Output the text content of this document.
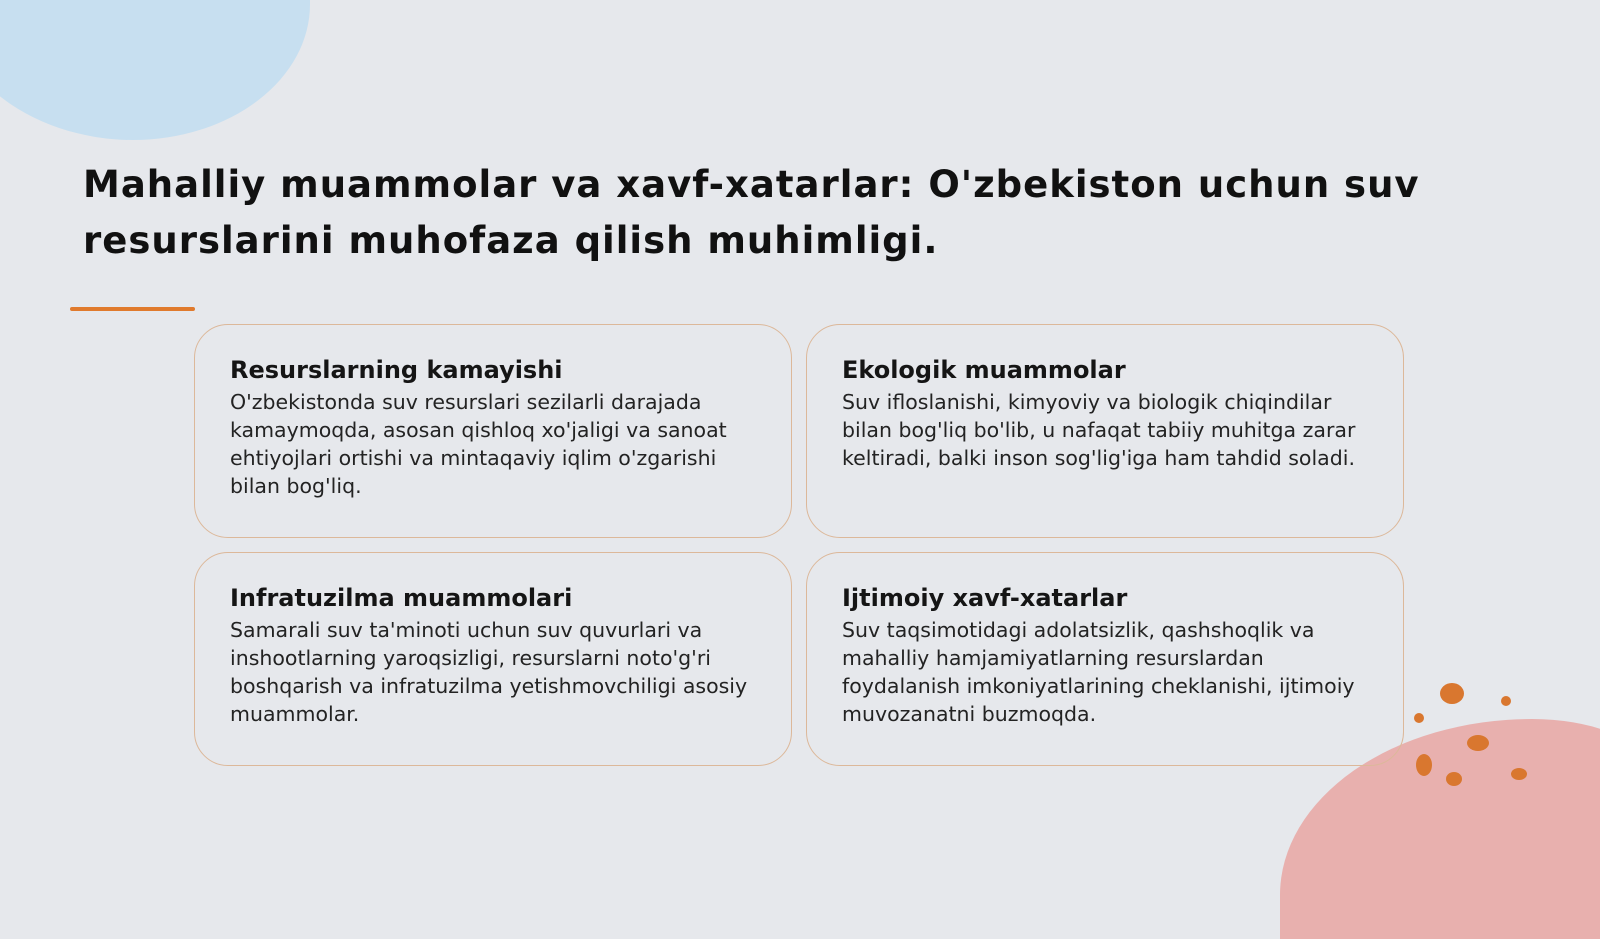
Mahalliy muammolar va xavf-xatarlar: O'zbekiston uchun suv resurslarini muhofaza qilish muhimligi.
Resurslarning kamayishi

O'zbekistonda suv resurslari sezilarli darajada kamaymoqda, asosan qishloq xo'jaligi va sanoat ehtiyojlari ortishi va mintaqaviy iqlim o'zgarishi bilan bog'liq.

Ekologik muammolar

Suv ifloslanishi, kimyoviy va biologik chiqindilar bilan bog'liq bo'lib, u nafaqat tabiiy muhitga zarar keltiradi, balki inson sog'lig'iga ham tahdid soladi.

Infratuzilma muammolari

Samarali suv ta'minoti uchun suv quvurlari va inshootlarning yaroqsizligi, resurslarni noto'g'ri boshqarish va infratuzilma yetishmovchiligi asosiy muammolar.

Ijtimoiy xavf-xatarlar

Suv taqsimotidagi adolatsizlik, qashshoqlik va mahalliy hamjamiyatlarning resurslardan foydalanish imkoniyatlarining cheklanishi, ijtimoiy muvozanatni buzmoqda.
